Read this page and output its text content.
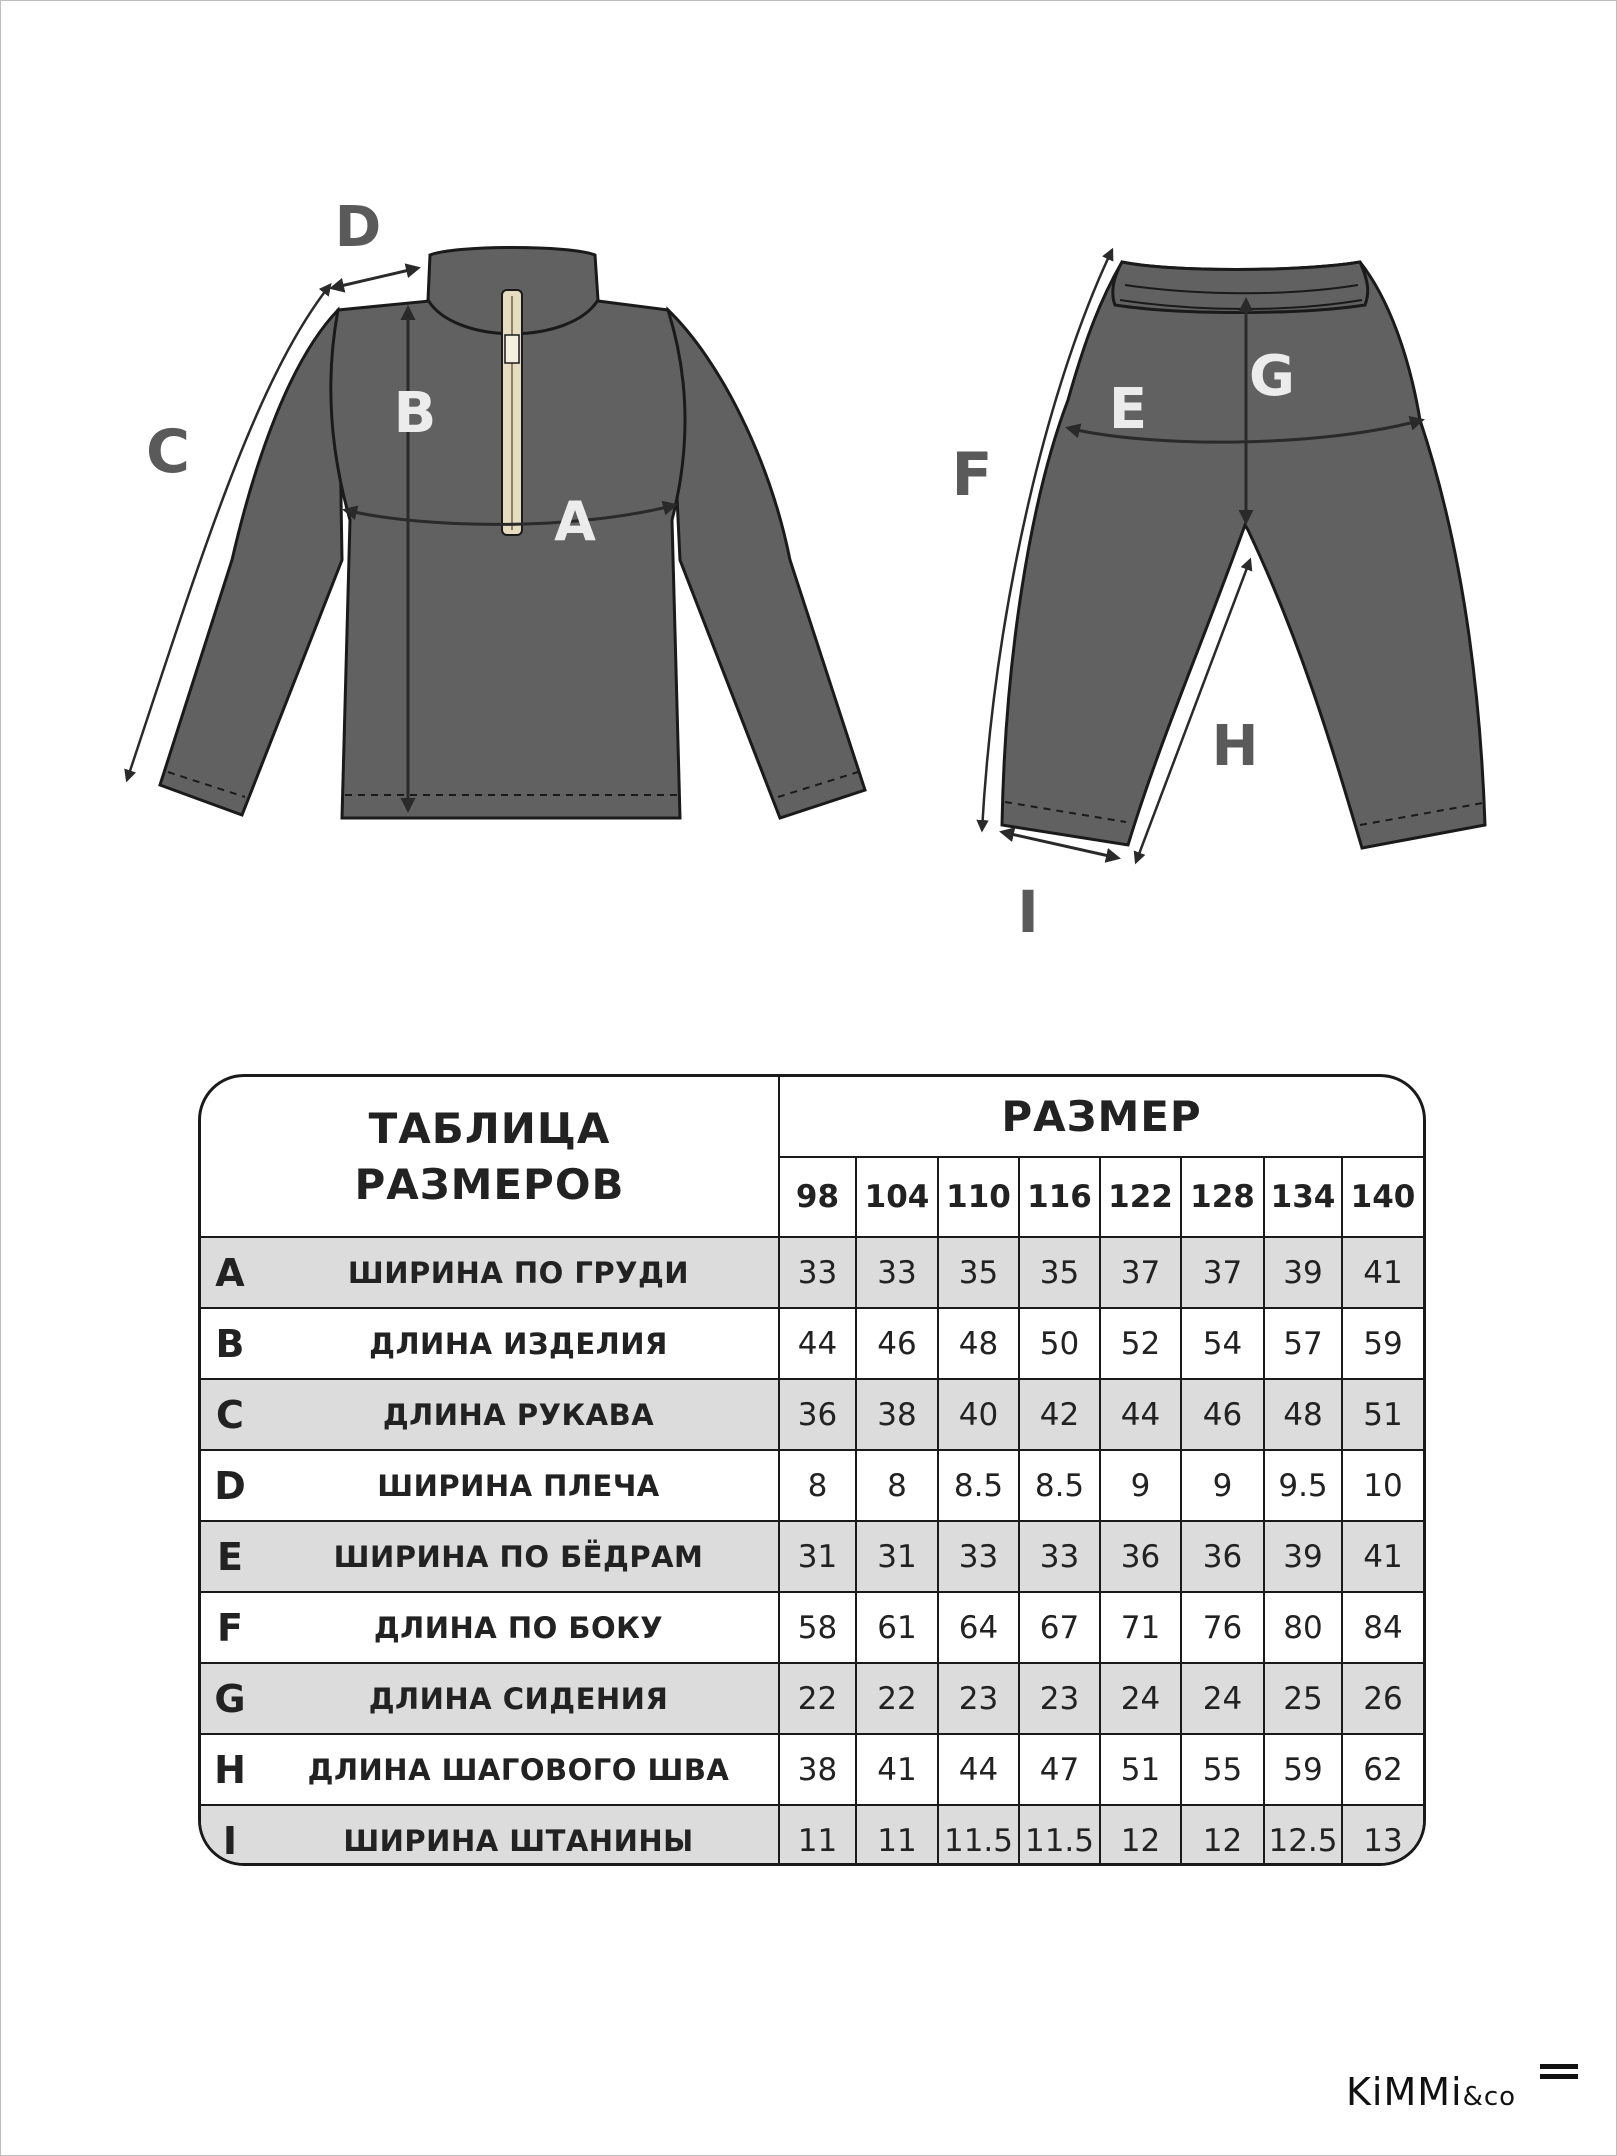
A
B
C
D
E
F
G
H
I
ТАБЛИЦА
РАЗМЕРОВ		РАЗМЕР							
		98	104	110	116	122	128	134	140
A	ШИРИНА ПО ГРУДИ	33	33	35	35	37	37	39	41
B	ДЛИНА ИЗДЕЛИЯ	44	46	48	50	52	54	57	59
C	ДЛИНА РУКАВА	36	38	40	42	44	46	48	51
D	ШИРИНА ПЛЕЧА	8	8	8.5	8.5	9	9	9.5	10
E	ШИРИНА ПО БЁДРАМ	31	31	33	33	36	36	39	41
F	ДЛИНА ПО БОКУ	58	61	64	67	71	76	80	84
G	ДЛИНА СИДЕНИЯ	22	22	23	23	24	24	25	26
H	ДЛИНА ШАГОВОГО ШВА	38	41	44	47	51	55	59	62
I	ШИРИНА ШТАНИНЫ	11	11	11.5	11.5	12	12	12.5	13
KiMMi&co
